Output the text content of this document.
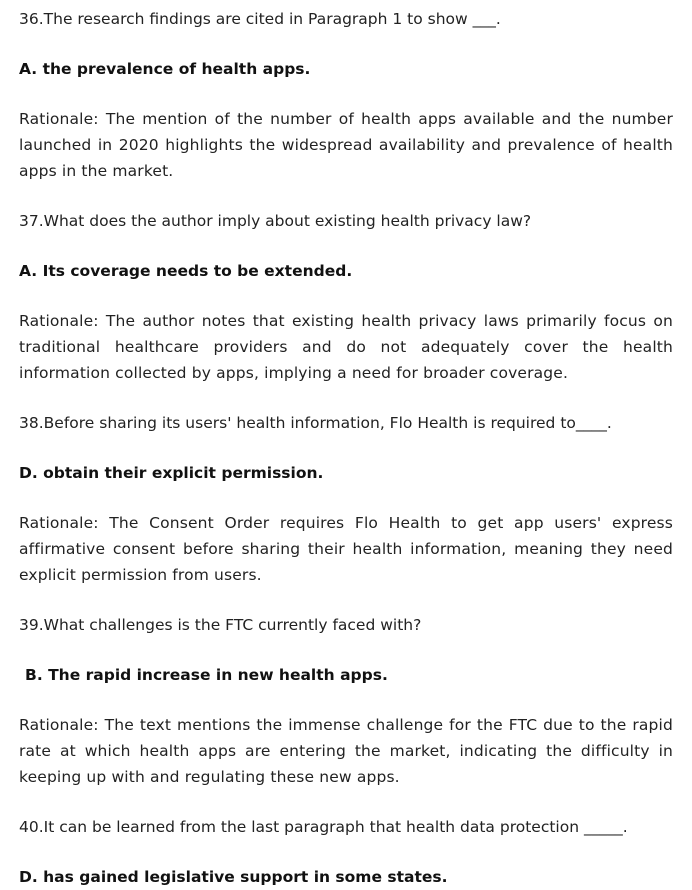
36.The research findings are cited in Paragraph 1 to show ___.

A. the prevalence of health apps.

Rationale: The mention of the number of health apps available and the number launched in 2020 highlights the widespread availability and prevalence of health apps in the market.

37.What does the author imply about existing health privacy law?

A. Its coverage needs to be extended.

Rationale: The author notes that existing health privacy laws primarily focus on traditional healthcare providers and do not adequately cover the health information collected by apps, implying a need for broader coverage.

38.Before sharing its users' health information, Flo Health is required to____.

D. obtain their explicit permission.

Rationale: The Consent Order requires Flo Health to get app users' express affirmative consent before sharing their health information, meaning they need explicit permission from users.

39.What challenges is the FTC currently faced with?

B. The rapid increase in new health apps.

Rationale: The text mentions the immense challenge for the FTC due to the rapid rate at which health apps are entering the market, indicating the difficulty in keeping up with and regulating these new apps.

40.It can be learned from the last paragraph that health data protection _____.

D. has gained legislative support in some states.
